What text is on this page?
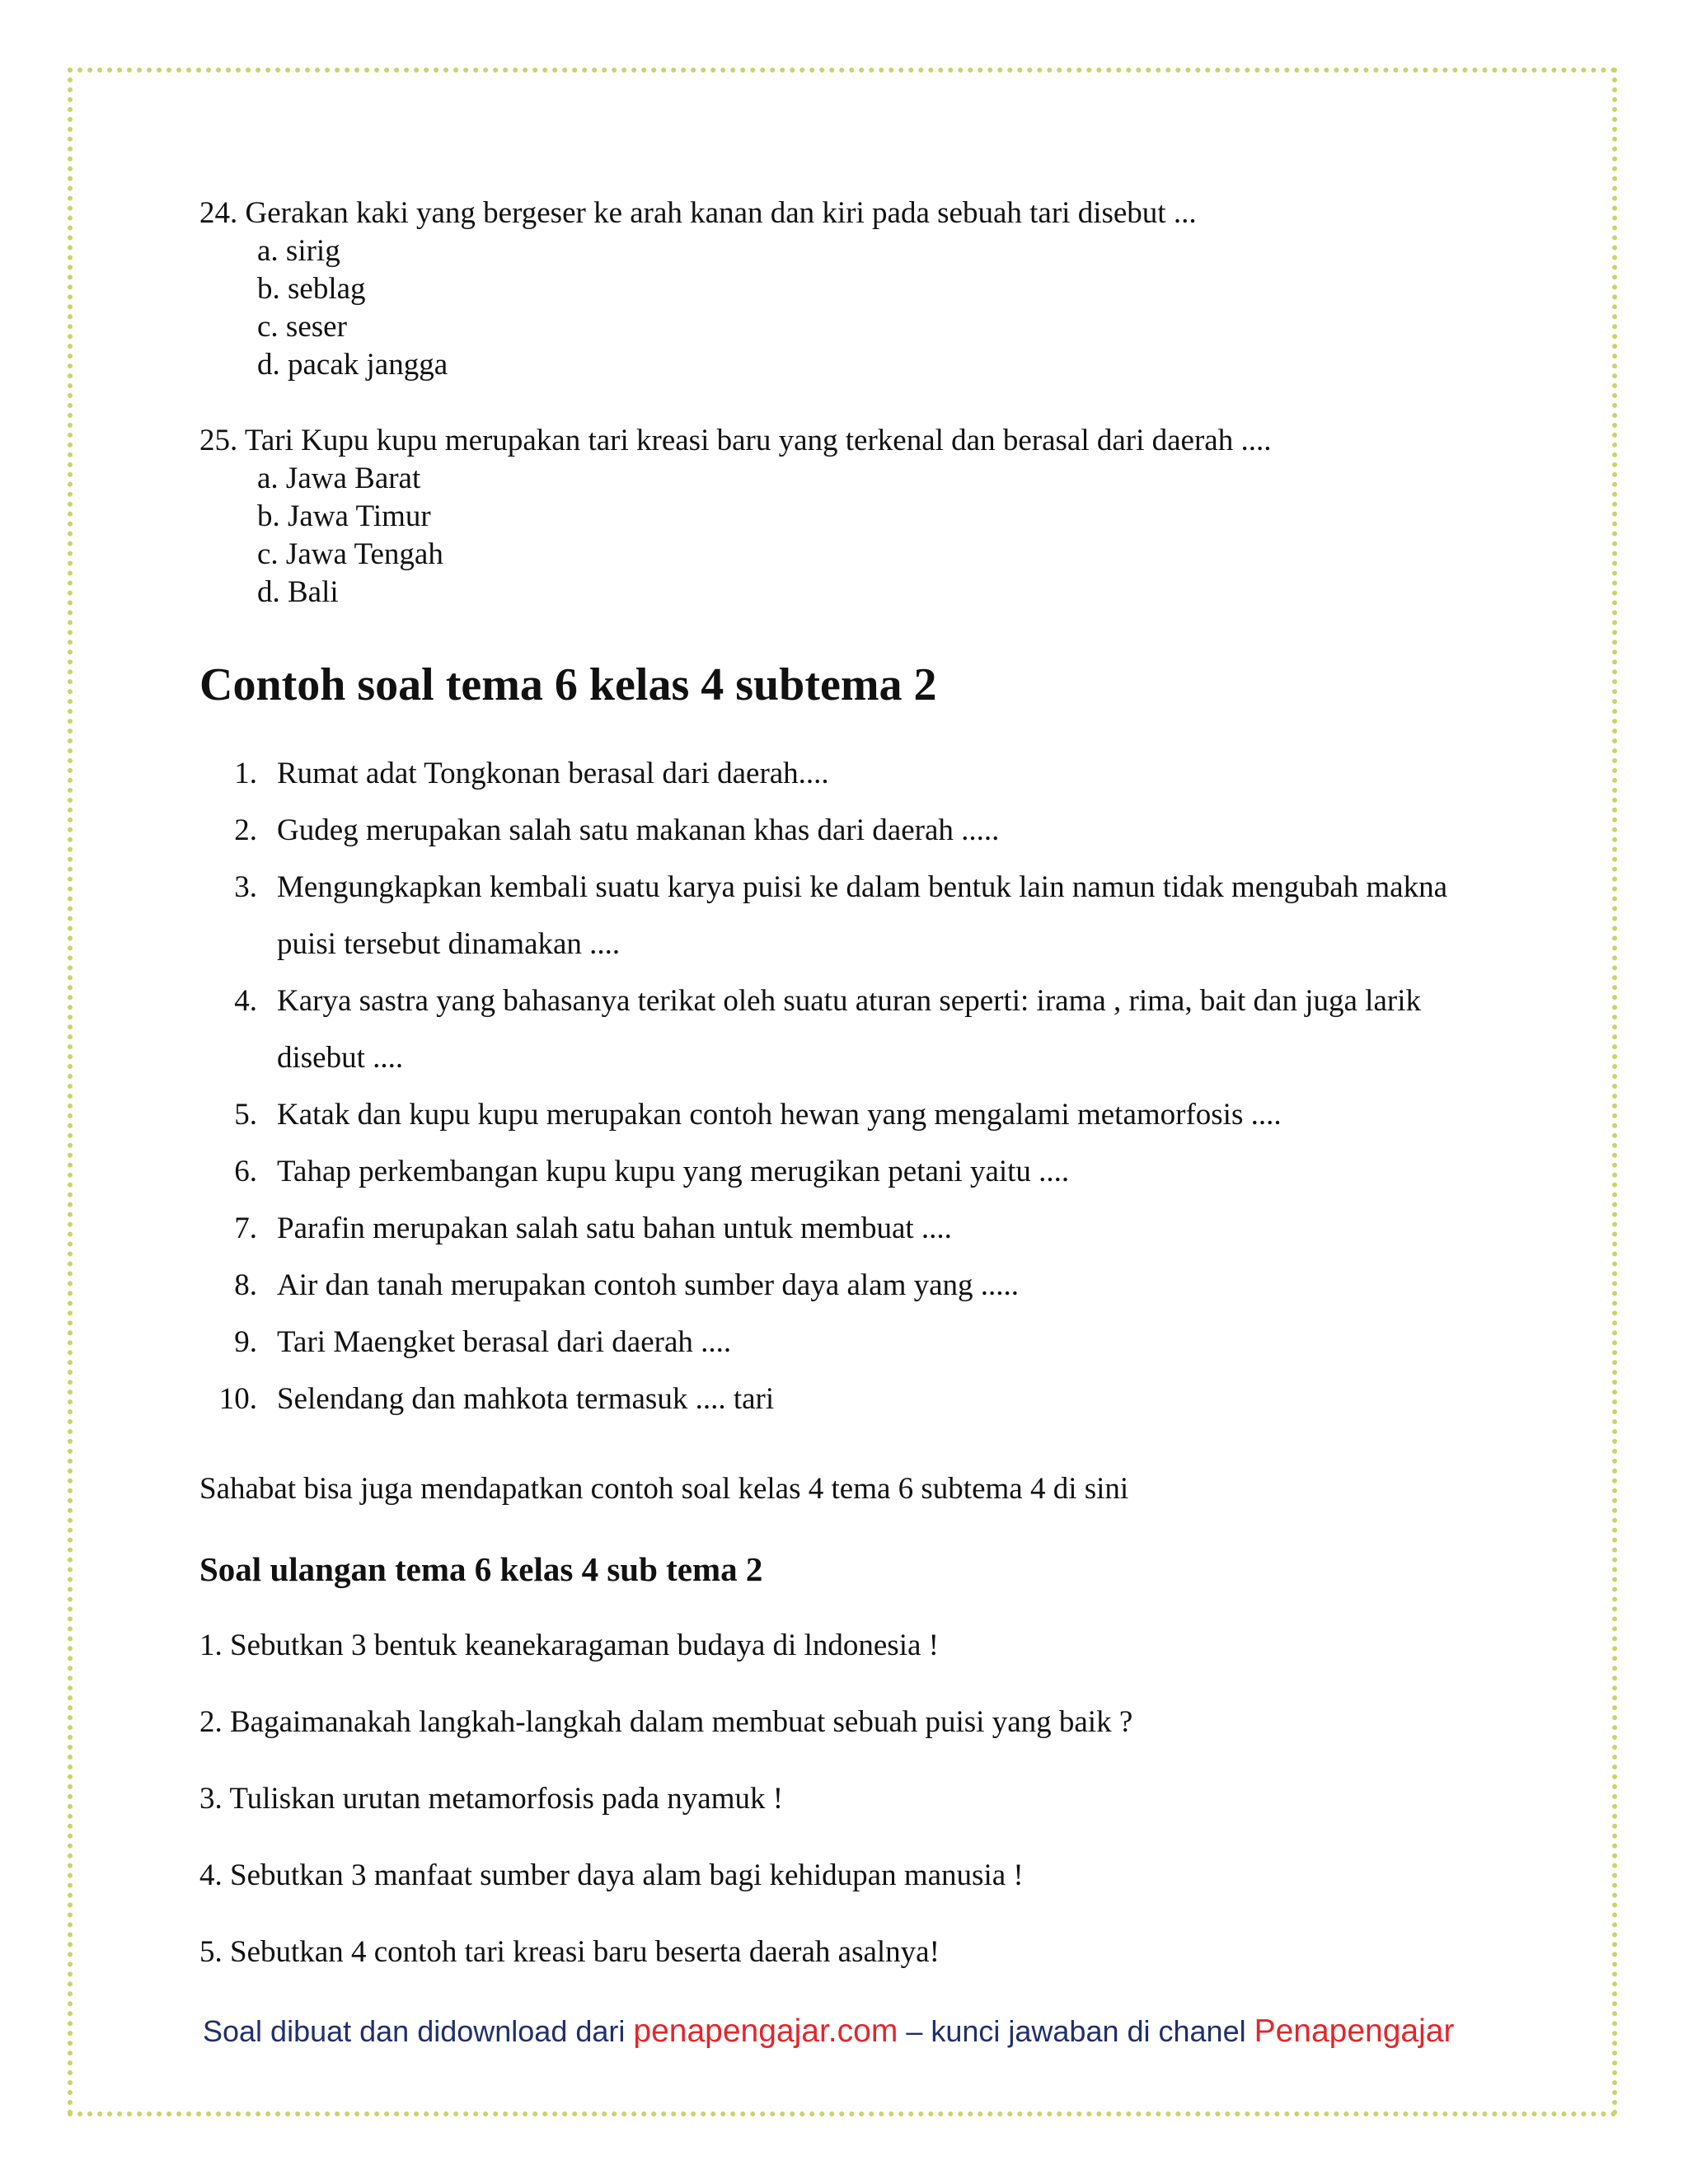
24. Gerakan kaki yang bergeser ke arah kanan dan kiri pada sebuah tari disebut ...
a. sirig
b. seblag
c. seser
d. pacak jangga
25. Tari Kupu kupu merupakan tari kreasi baru yang terkenal dan berasal dari daerah ....
a. Jawa Barat
b. Jawa Timur
c. Jawa Tengah
d. Bali
Contoh soal tema 6 kelas 4 subtema 2
1. Rumat adat Tongkonan berasal dari daerah....
2. Gudeg merupakan salah satu makanan khas dari daerah .....
3. Mengungkapkan kembali suatu karya puisi ke dalam bentuk lain namun tidak mengubah makna puisi tersebut dinamakan ....
4. Karya sastra yang bahasanya terikat oleh suatu aturan seperti: irama , rima, bait dan juga larik disebut ....
5. Katak dan kupu kupu merupakan contoh hewan yang mengalami metamorfosis ....
6. Tahap perkembangan kupu kupu yang merugikan petani yaitu ....
7. Parafin merupakan salah satu bahan untuk membuat ....
8. Air dan tanah merupakan contoh sumber daya alam yang .....
9. Tari Maengket berasal dari daerah ....
10. Selendang dan mahkota termasuk .... tari
Sahabat bisa juga mendapatkan contoh soal kelas 4 tema 6 subtema 4 di sini
Soal ulangan tema 6 kelas 4 sub tema 2
1. Sebutkan 3 bentuk keanekaragaman budaya di lndonesia !
2. Bagaimanakah langkah-langkah dalam membuat sebuah puisi yang baik ?
3. Tuliskan urutan metamorfosis pada nyamuk !
4. Sebutkan 3 manfaat sumber daya alam bagi kehidupan manusia !
5. Sebutkan 4 contoh tari kreasi baru beserta daerah asalnya!
Soal dibuat dan didownload dari penapengajar.com – kunci jawaban di chanel Penapengajar
